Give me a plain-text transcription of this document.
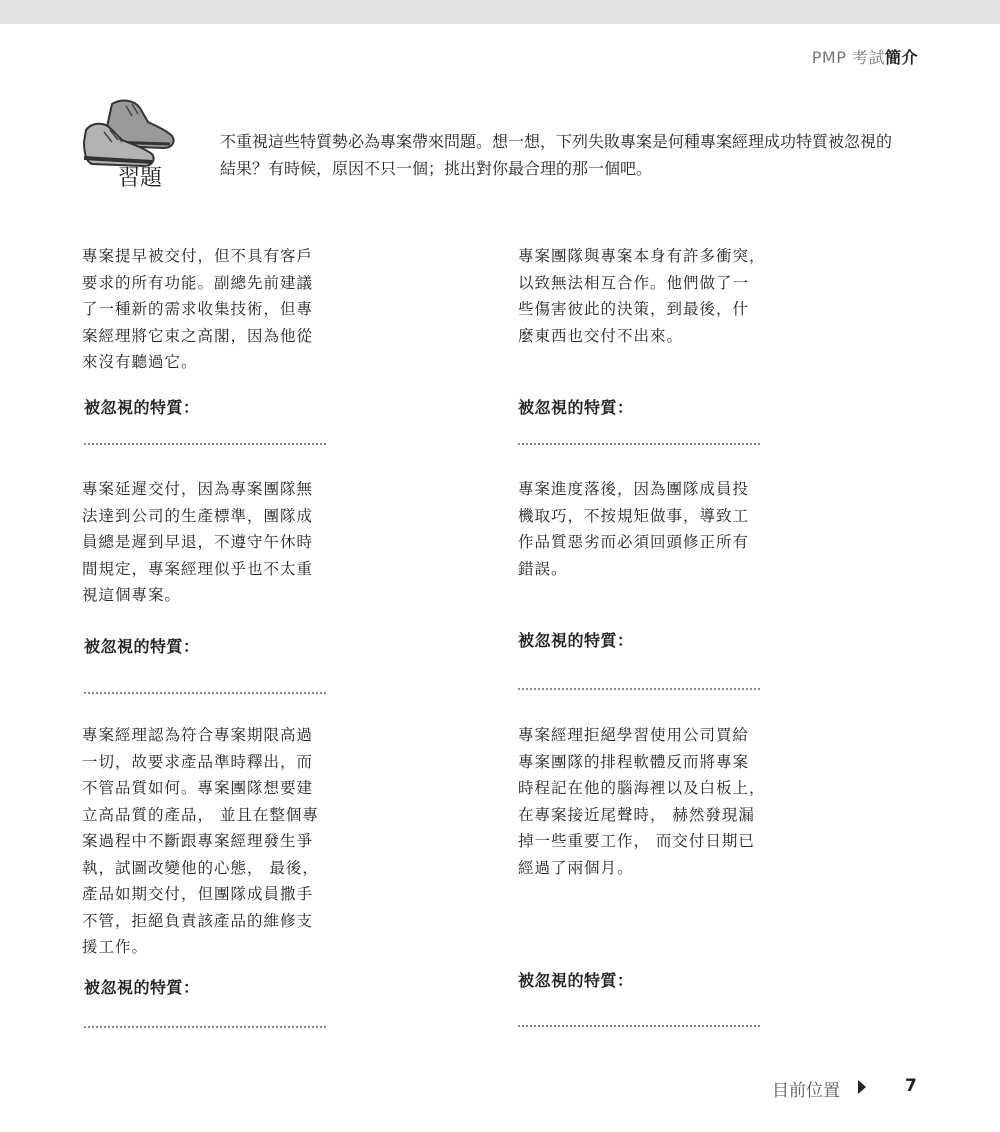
PMP 考試簡介
習題
不重視這些特質勢必為專案帶來問題。想一想，下列失敗專案是何種專案經理成功特質被忽視的結果？有時候，原因不只一個；挑出對你最合理的那一個吧。
專案提早被交付，但不具有客戶
要求的所有功能。副總先前建議
了一種新的需求收集技術，但專
案經理將它束之高閣，因為他從
來沒有聽過它。
被忽視的特質：
專案團隊與專案本身有許多衝突，
以致無法相互合作。他們做了一
些傷害彼此的決策，到最後，什
麼東西也交付不出來。
被忽視的特質：
專案延遲交付，因為專案團隊無
法達到公司的生產標準，團隊成
員總是遲到早退，不遵守午休時
間規定，專案經理似乎也不太重
視這個專案。
被忽視的特質：
專案進度落後，因為團隊成員投
機取巧，不按規矩做事，導致工
作品質惡劣而必須回頭修正所有
錯誤。
被忽視的特質：
專案經理認為符合專案期限高過
一切，故要求產品準時釋出，而
不管品質如何。專案團隊想要建
立高品質的產品， 並且在整個專
案過程中不斷跟專案經理發生爭
執，試圖改變他的心態， 最後，
產品如期交付，但團隊成員撒手
不管，拒絕負責該產品的維修支
援工作。
被忽視的特質：
專案經理拒絕學習使用公司買給
專案團隊的排程軟體反而將專案
時程記在他的腦海裡以及白板上，
在專案接近尾聲時， 赫然發現漏
掉一些重要工作， 而交付日期已
經過了兩個月。
被忽視的特質：
目前位置	7
